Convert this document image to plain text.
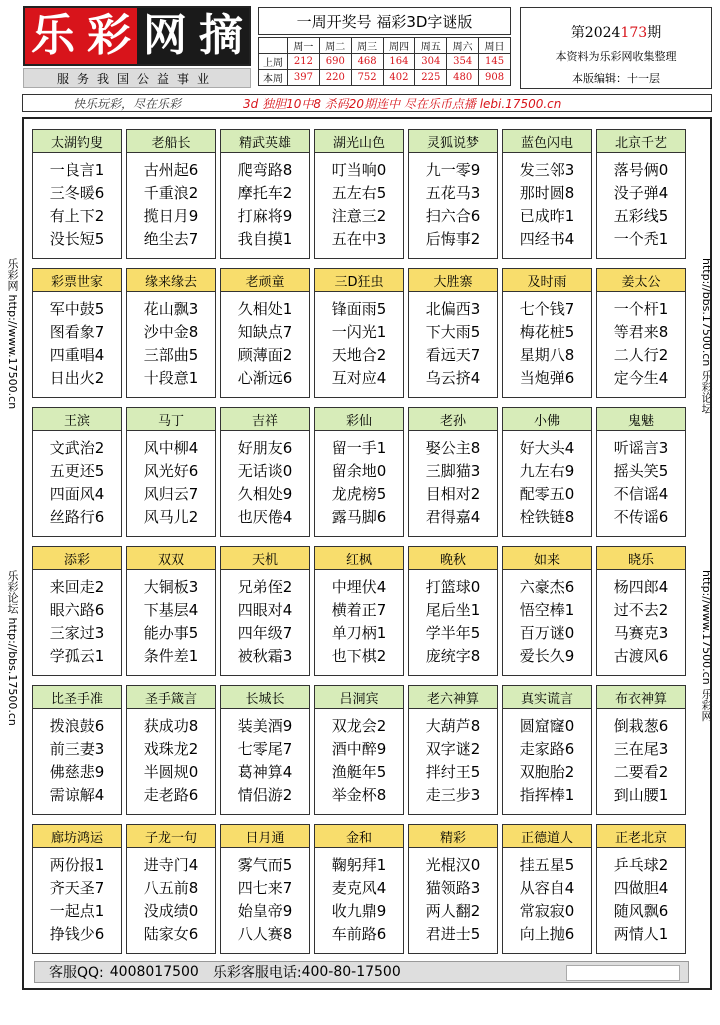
乐 彩 网 摘
服务我国公益事业
一周开奖号 福彩3D字谜版
	周一	周二	周三	周四	周五	周六	周日
上周	212	690	468	164	304	354	145
本周	397	220	752	402	225	480	908
第2024173期
本资料为乐彩网收集整理
本版编辑：十一层
快乐玩彩，尽在乐彩	3d 独胆10中8 杀码20期连中 尽在乐币点播 lebi.17500.cn
乐彩网 http://www.17500.cn
乐彩论坛 http://bbs.17500.cn
http://bbs.17500.cn 乐彩论坛
http://www.17500.cn 乐彩网
太湖钓叟
一良言1
三冬暖6
有上下2
没长短5
老船长
古州起6
千重浪2
揽日月9
绝尘去7
精武英雄
爬弯路8
摩托车2
打麻将9
我自摸1
湖光山色
叮当响0
五左右5
注意三2
五在中3
灵狐说梦
九一零9
五花马3
扫六合6
后悔事2
蓝色闪电
发三邻3
那时圆8
已成昨1
四经书4
北京千艺
落号俩0
没子弹4
五彩线5
一个秃1
彩票世家
军中鼓5
图看象7
四重唱4
日出火2
缘来缘去
花山飘3
沙中金8
三部曲5
十段意1
老顽童
久相处1
知缺点7
顾薄面2
心渐远6
三D狂虫
锋面雨5
一闪光1
天地合2
互对应4
大胜寨
北偏西3
下大雨5
看远天7
乌云挤4
及时雨
七个钱7
梅花桩5
星期八8
当炮弹6
姜太公
一个杆1
等君来8
二人行2
定今生4
王滨
文武治2
五更还5
四面风4
丝路行6
马丁
风中柳4
风光好6
风归云7
风马儿2
吉祥
好朋友6
无话谈0
久相处9
也厌倦4
彩仙
留一手1
留余地0
龙虎榜5
露马脚6
老孙
娶公主8
三脚猫3
目相对2
君得嘉4
小佛
好大头4
九左右9
配零五0
栓铁链8
鬼魅
听谣言3
摇头笑5
不信谣4
不传谣6
添彩
来回走2
眼六路6
三家过3
学孤云1
双双
大铜板3
下基层4
能办事5
条件差1
天机
兄弟侄2
四眼对4
四年级7
被秋霜3
红枫
中埋伏4
横着正7
单刀柄1
也下棋2
晚秋
打篮球0
尾后坐1
学半年5
庞统字8
如来
六豪杰6
悟空棒1
百万谜0
爱长久9
晓乐
杨四郎4
过不去2
马赛克3
古渡风6
比圣手准
拨浪鼓6
前三妻3
佛慈悲9
需谅解4
圣手箴言
获成功8
戏珠龙2
半圆规0
走老路6
长城长
装美酒9
七零尾7
葛神算4
情侣游2
吕洞宾
双龙会2
酒中醉9
渔艇年5
举金杯8
老六神算
大葫芦8
双字谜2
拌纣王5
走三步3
真实谎言
圆窟窿0
走家路6
双胞胎2
指挥棒1
布衣神算
倒栽葱6
三在尾3
二要看2
到山腰1
廊坊鸿运
两份报1
齐天圣7
一起点1
挣钱少6
子龙一句
进寺门4
八五前8
没成绩0
陆家女6
日月通
雾气而5
四七来7
始皇帝9
八人赛8
金和
鞠躬拜1
麦克风4
收九鼎9
车前路6
精彩
光棍汉0
猫领路3
两人翻2
君进士5
正德道人
挂五星5
从容自4
常寂寂0
向上抛6
正老北京
乒乓球2
四做胆4
随风飘6
两情人1
客服QQ: 4008017500 乐彩客服电话: 400-80-17500
